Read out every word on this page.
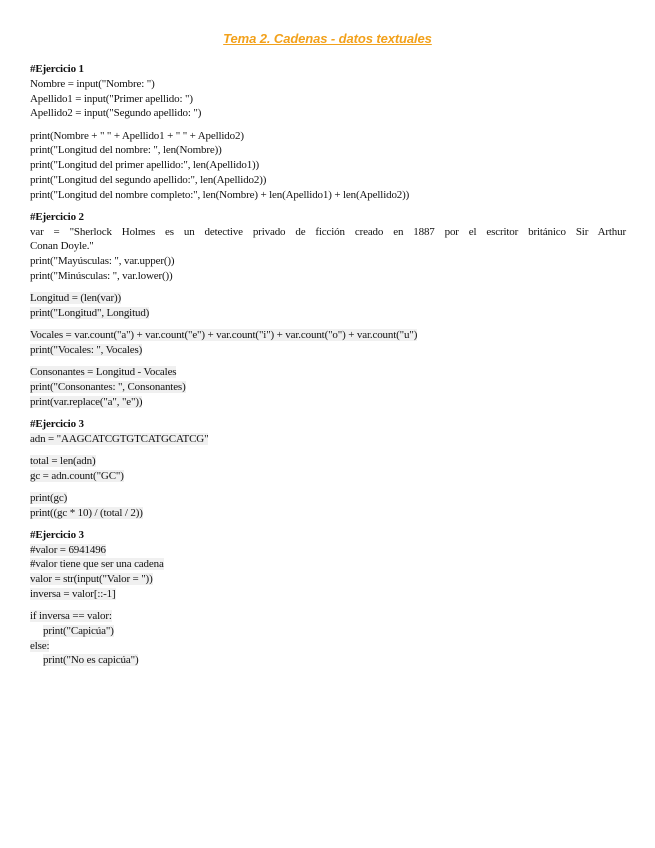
Tema 2. Cadenas - datos textuales
#Ejercicio 1
Nombre = input("Nombre: ")
Apellido1 = input("Primer apellido: ")
Apellido2 = input("Segundo apellido: ")
print(Nombre + " " + Apellido1 + " " + Apellido2)
print("Longitud del nombre: ", len(Nombre))
print("Longitud del primer apellido:", len(Apellido1))
print("Longitud del segundo apellido:", len(Apellido2))
print("Longitud del nombre completo:", len(Nombre) + len(Apellido1) + len(Apellido2))
#Ejercicio 2
var = "Sherlock Holmes es un detective privado de ficción creado en 1887 por el escritor británico Sir Arthur
Conan Doyle."
print("Mayúsculas: ", var.upper())
print("Minúsculas: ", var.lower())
Longitud = (len(var))
print("Longitud", Longitud)
Vocales = var.count("a") + var.count("e") + var.count("i") + var.count("o") + var.count("u")
print("Vocales: ", Vocales)
Consonantes = Longitud - Vocales
print("Consonantes: ", Consonantes)
print(var.replace("a", "e"))
#Ejercicio 3
adn = "AAGCATCGTGTCATGCATCG"
total = len(adn)
gc = adn.count("GC")
print(gc)
print((gc * 10) / (total / 2))
#Ejercicio 3
#valor = 6941496
#valor tiene que ser una cadena
valor = str(input("Valor = "))
inversa = valor[::-1]
if inversa == valor:
print("Capicúa")
else:
print("No es capicúa")
